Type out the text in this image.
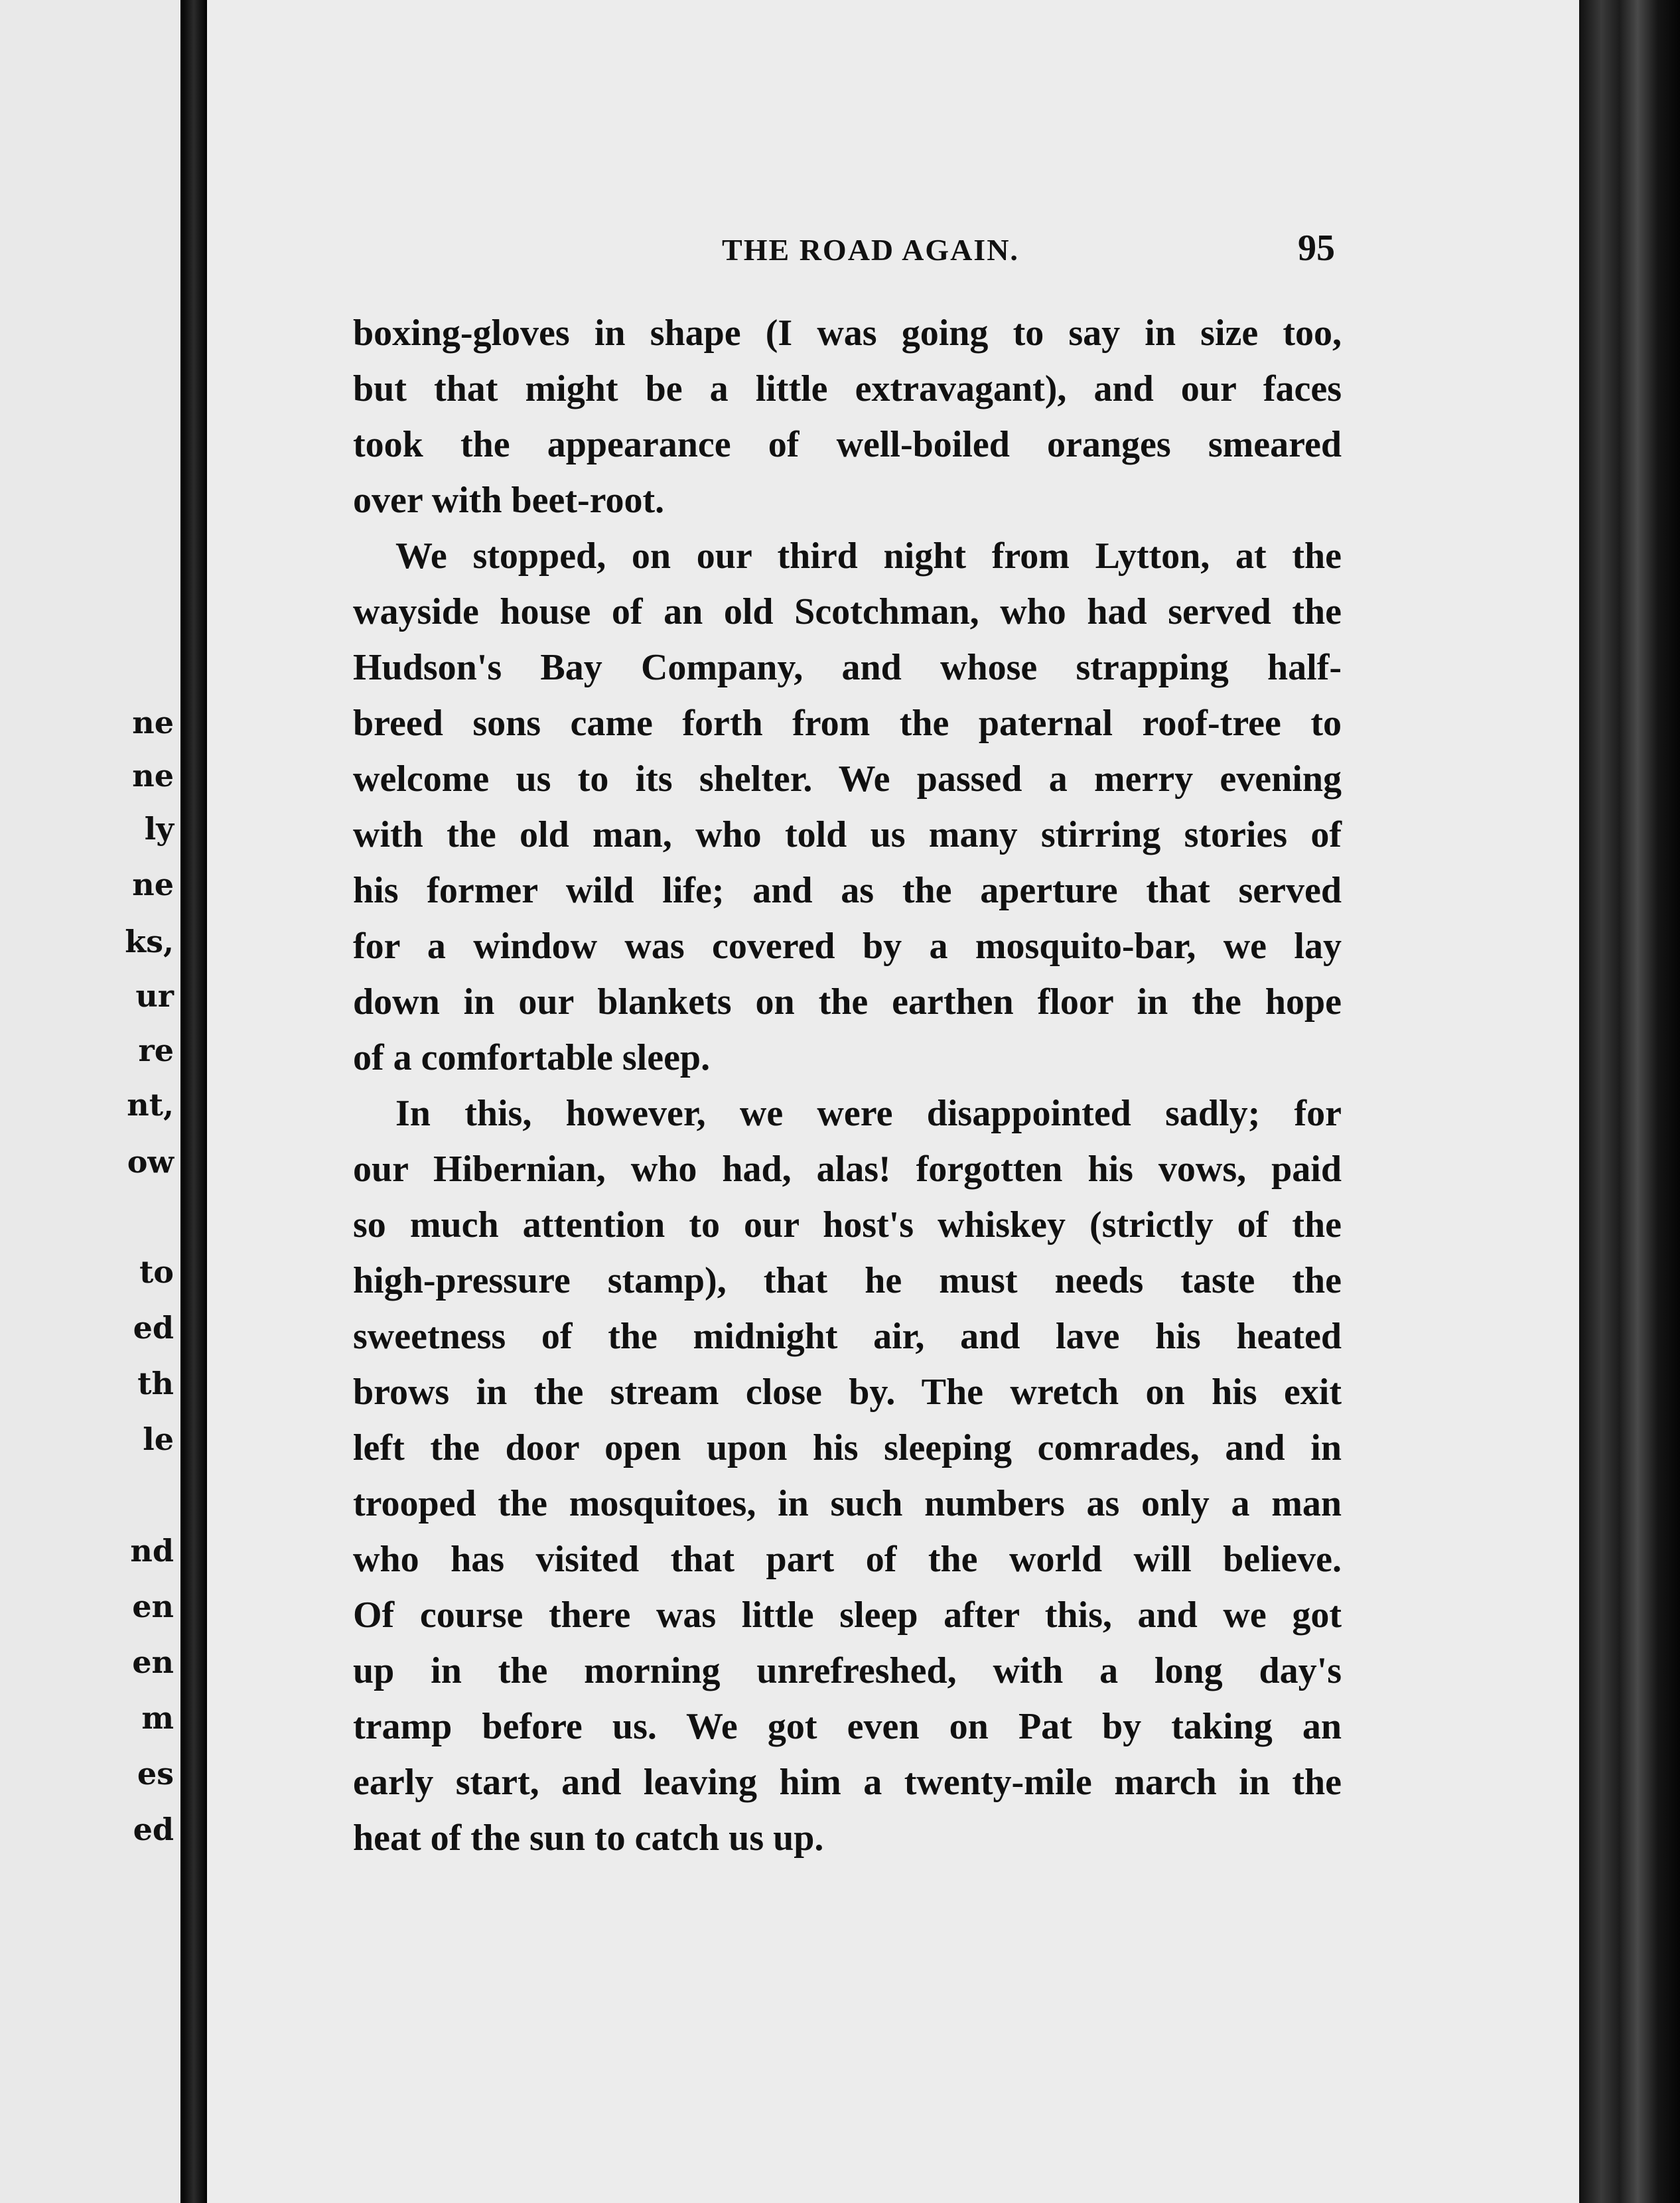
ne
ne
ly
ne
ks,
ur
re
nt,
ow
to
ed
th
le
nd
en
en
m
es
ed
THE ROAD AGAIN.	95
boxing-gloves in shape (I was going to say in size too,
but that might be a little extravagant), and our faces
took the appearance of well-boiled oranges smeared
over with beet-root.
We stopped, on our third night from Lytton, at the
wayside house of an old Scotchman, who had served the
Hudson's Bay Company, and whose strapping half-
breed sons came forth from the paternal roof-tree to
welcome us to its shelter. We passed a merry evening
with the old man, who told us many stirring stories of
his former wild life; and as the aperture that served
for a window was covered by a mosquito-bar, we lay
down in our blankets on the earthen floor in the hope
of a comfortable sleep.
In this, however, we were disappointed sadly; for
our Hibernian, who had, alas! forgotten his vows, paid
so much attention to our host's whiskey (strictly of the
high-pressure stamp), that he must needs taste the
sweetness of the midnight air, and lave his heated
brows in the stream close by. The wretch on his exit
left the door open upon his sleeping comrades, and in
trooped the mosquitoes, in such numbers as only a man
who has visited that part of the world will believe.
Of course there was little sleep after this, and we got
up in the morning unrefreshed, with a long day's
tramp before us. We got even on Pat by taking an
early start, and leaving him a twenty-mile march in the
heat of the sun to catch us up.
